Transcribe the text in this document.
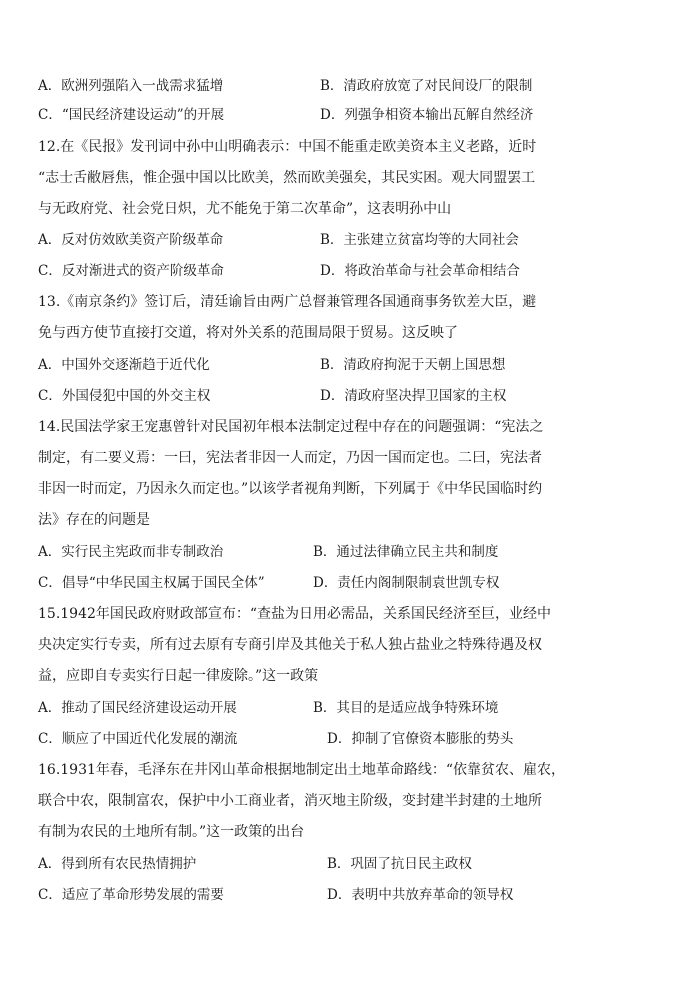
A．欧洲列强陷入一战需求猛增	B．清政府放宽了对民间设厂的限制
C．“国民经济建设运动”的开展	D．列强争相资本输出瓦解自然经济
12.在《民报》发刊词中孙中山明确表示：中国不能重走欧美资本主义老路，近时
“志士舌敝唇焦，惟企强中国以比欧美，然而欧美强矣，其民实困。观大同盟罢工
与无政府党、社会党日炽，尤不能免于第二次革命”，这表明孙中山
A．反对仿效欧美资产阶级革命	B．主张建立贫富均等的大同社会
C．反对渐进式的资产阶级革命	D．将政治革命与社会革命相结合
13.《南京条约》签订后，清廷谕旨由两广总督兼管理各国通商事务钦差大臣，避
免与西方使节直接打交道，将对外关系的范围局限于贸易。这反映了
A．中国外交逐渐趋于近代化	B．清政府拘泥于天朝上国思想
C．外国侵犯中国的外交主权	D．清政府坚决捍卫国家的主权
14.民国法学家王宠惠曾针对民国初年根本法制定过程中存在的问题强调：“宪法之
制定，有二要义焉：一曰，宪法者非因一人而定，乃因一国而定也。二曰，宪法者
非因一时而定，乃因永久而定也。”以该学者视角判断，下列属于《中华民国临时约
法》存在的问题是
A．实行民主宪政而非专制政治	B．通过法律确立民主共和制度
C．倡导“中华民国主权属于国民全体”	D．责任内阁制限制袁世凯专权
15.1942年国民政府财政部宣布：“查盐为日用必需品，关系国民经济至巨，业经中
央决定实行专卖，所有过去原有专商引岸及其他关于私人独占盐业之特殊待遇及权
益，应即自专卖实行日起一律废除。”这一政策
A．推动了国民经济建设运动开展	B．其目的是适应战争特殊环境
C．顺应了中国近代化发展的潮流	D．抑制了官僚资本膨胀的势头
16.1931年春，毛泽东在井冈山革命根据地制定出土地革命路线：“依靠贫农、雇农，
联合中农，限制富农，保护中小工商业者，消灭地主阶级，变封建半封建的土地所
有制为农民的土地所有制。”这一政策的出台
A．得到所有农民热情拥护	B．巩固了抗日民主政权
C．适应了革命形势发展的需要	D．表明中共放弃革命的领导权
